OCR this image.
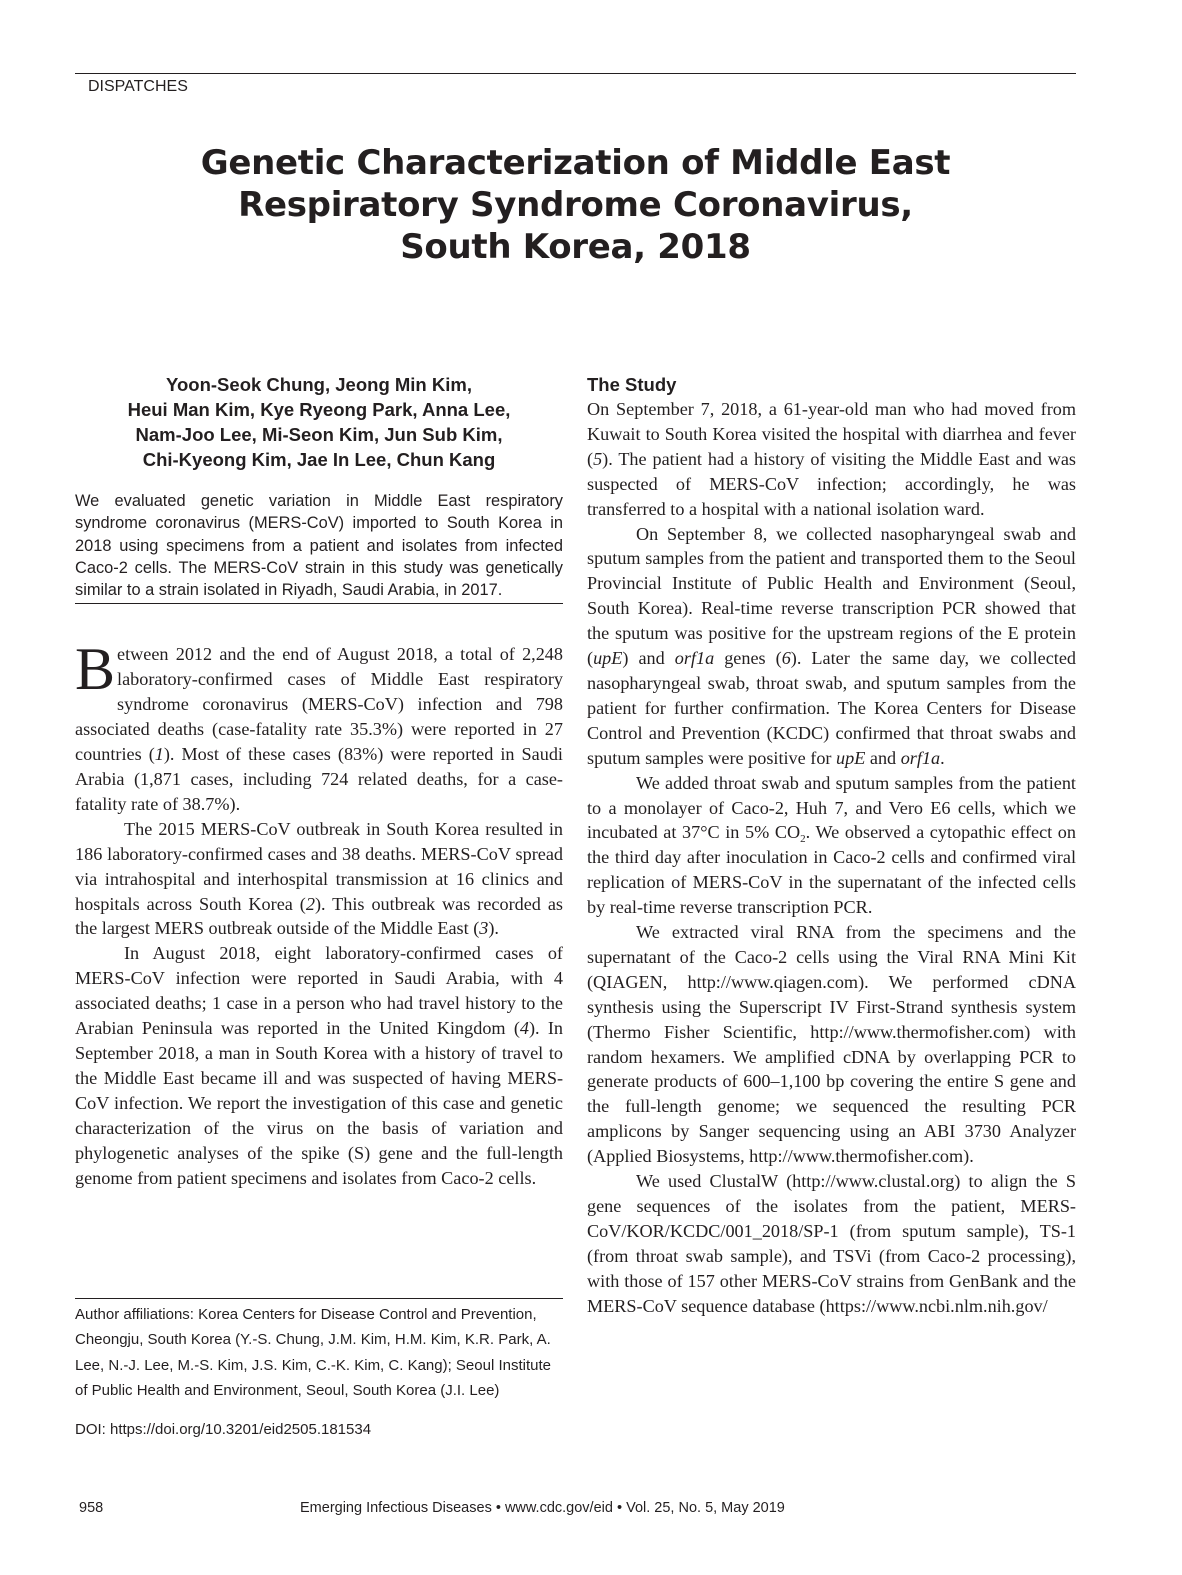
DISPATCHES
Genetic Characterization of Middle East
Respiratory Syndrome Coronavirus,
South Korea, 2018
Yoon-Seok Chung, Jeong Min Kim,
Heui Man Kim, Kye Ryeong Park, Anna Lee,
Nam-Joo Lee, Mi-Seon Kim, Jun Sub Kim,
Chi-Kyeong Kim, Jae In Lee, Chun Kang
We evaluated genetic variation in Middle East respiratory syndrome coronavirus (MERS-CoV) imported to South Korea in 2018 using specimens from a patient and isolates from infected Caco-2 cells. The MERS-CoV strain in this study was genetically similar to a strain isolated in Riyadh, Saudi Arabia, in 2017.

Between 2012 and the end of August 2018, a total of 2,248 laboratory-confirmed cases of Middle East respiratory syndrome coronavirus (MERS-CoV) infection and 798 associated deaths (case-fatality rate 35.3%) were reported in 27 countries (1). Most of these cases (83%) were reported in Saudi Arabia (1,871 cases, including 724 related deaths, for a case-fatality rate of 38.7%).

The 2015 MERS-CoV outbreak in South Korea resulted in 186 laboratory-confirmed cases and 38 deaths. MERS-CoV spread via intrahospital and interhospital transmission at 16 clinics and hospitals across South Korea (2). This outbreak was recorded as the largest MERS outbreak outside of the Middle East (3).

In August 2018, eight laboratory-confirmed cases of MERS-CoV infection were reported in Saudi Arabia, with 4 associated deaths; 1 case in a person who had travel history to the Arabian Peninsula was reported in the United Kingdom (4). In September 2018, a man in South Korea with a history of travel to the Middle East became ill and was suspected of having MERS-CoV infection. We report the investigation of this case and genetic characterization of the virus on the basis of variation and phylogenetic analyses of the spike (S) gene and the full-length genome from patient specimens and isolates from Caco-2 cells.

Author affiliations: Korea Centers for Disease Control and Prevention, Cheongju, South Korea (Y.-S. Chung, J.M. Kim, H.M. Kim, K.R. Park, A. Lee, N.-J. Lee, M.-S. Kim, J.S. Kim, C.-K. Kim, C. Kang); Seoul Institute of Public Health and Environment, Seoul, South Korea (J.I. Lee)
DOI: https://doi.org/10.3201/eid2505.181534
The Study

On September 7, 2018, a 61-year-old man who had moved from Kuwait to South Korea visited the hospital with diarrhea and fever (5). The patient had a history of visiting the Middle East and was suspected of MERS-CoV infection; accordingly, he was transferred to a hospital with a national isolation ward.

On September 8, we collected nasopharyngeal swab and sputum samples from the patient and transported them to the Seoul Provincial Institute of Public Health and Environment (Seoul, South Korea). Real-time reverse transcription PCR showed that the sputum was positive for the upstream regions of the E protein (upE) and orf1a genes (6). Later the same day, we collected nasopharyngeal swab, throat swab, and sputum samples from the patient for further confirmation. The Korea Centers for Disease Control and Prevention (KCDC) confirmed that throat swabs and sputum samples were positive for upE and orf1a.

We added throat swab and sputum samples from the patient to a monolayer of Caco-2, Huh 7, and Vero E6 cells, which we incubated at 37°C in 5% $CO_2$. We observed a cytopathic effect on the third day after inoculation in Caco-2 cells and confirmed viral replication of MERS-CoV in the supernatant of the infected cells by real-time reverse transcription PCR.

We extracted viral RNA from the specimens and the supernatant of the Caco-2 cells using the Viral RNA Mini Kit (QIAGEN, http://www.qiagen.com). We performed cDNA synthesis using the Superscript IV First-Strand synthesis system (Thermo Fisher Scientific, http://www.thermofisher.com) with random hexamers. We amplified cDNA by overlapping PCR to generate products of 600–1,100 bp covering the entire S gene and the full-length genome; we sequenced the resulting PCR amplicons by Sanger sequencing using an ABI 3730 Analyzer (Applied Biosystems, http://www.thermofisher.com).

We used ClustalW (http://www.clustal.org) to align the S gene sequences of the isolates from the patient, MERS-CoV/KOR/KCDC/001_2018/SP-1 (from sputum sample), TS-1 (from throat swab sample), and TSVi (from Caco-2 processing), with those of 157 other MERS-CoV strains from GenBank and the MERS-CoV sequence database (https://www.ncbi.nlm.nih.gov/

958	Emerging Infectious Diseases • www.cdc.gov/eid • Vol. 25, No. 5, May 2019
